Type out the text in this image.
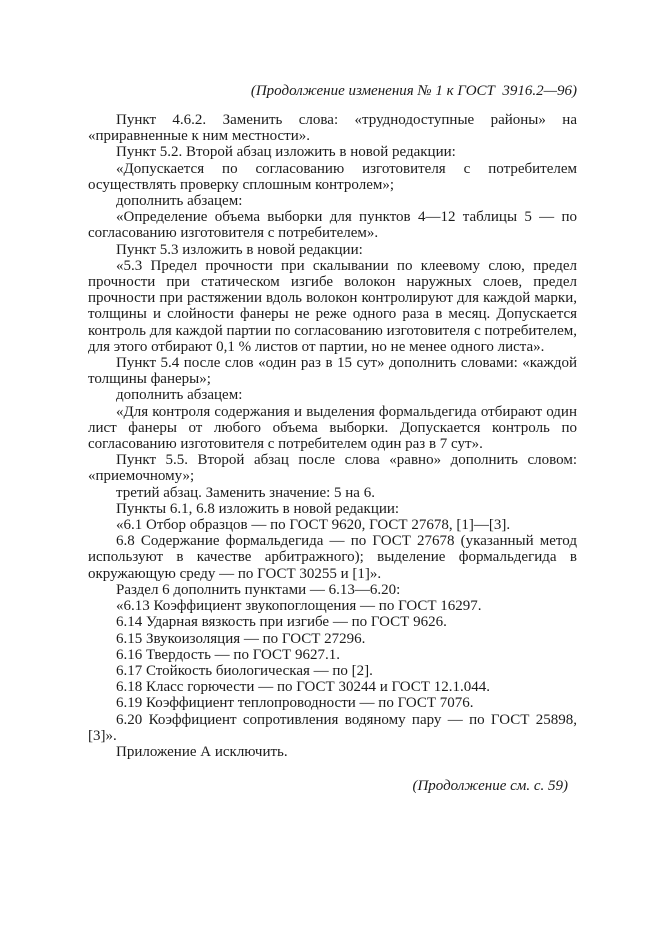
(Продолжение изменения № 1 к ГОСТ  3916.2—96)

Пункт 4.6.2. Заменить слова: «труднодоступные районы» на «приравненные к ним местности».

Пункт 5.2. Второй абзац изложить в новой редакции:

«Допускается по согласованию изготовителя с потребителем осуществлять проверку сплошным контролем»;

дополнить абзацем:

«Определение объема выборки для пунктов 4—12 таблицы 5 — по согласованию изготовителя с потребителем».

Пункт 5.3 изложить в новой редакции:

«5.3 Предел прочности при скалывании по клеевому слою, предел прочности при статическом изгибе волокон наружных слоев, предел прочности при растяжении вдоль волокон контролируют для каждой марки, толщины и слойности фанеры не реже одного раза в месяц. Допускается контроль для каждой партии по согласованию изготовителя с потребителем, для этого отбирают 0,1 % листов от партии, но не менее одного листа».

Пункт 5.4 после слов «один раз в 15 сут» дополнить словами: «каждой толщины фанеры»;

дополнить абзацем:

«Для контроля содержания и выделения формальдегида отбирают один лист фанеры от любого объема выборки. Допускается контроль по согласованию изготовителя с потребителем один раз в 7 сут».

Пункт 5.5. Второй абзац после слова «равно» дополнить словом: «приемочному»;

третий абзац. Заменить значение: 5 на 6.

Пункты 6.1, 6.8 изложить в новой редакции:

«6.1 Отбор образцов — по ГОСТ 9620, ГОСТ 27678, [1]—[3].

6.8 Содержание формальдегида — по ГОСТ 27678 (указанный метод используют в качестве арбитражного); выделение формальдегида в окружающую среду — по ГОСТ 30255 и [1]».

Раздел 6 дополнить пунктами — 6.13—6.20:

«6.13 Коэффициент звукопоглощения — по ГОСТ 16297.

6.14 Ударная вязкость при изгибе — по ГОСТ 9626.

6.15 Звукоизоляция — по ГОСТ 27296.

6.16 Твердость — по ГОСТ 9627.1.

6.17 Стойкость биологическая — по [2].

6.18 Класс горючести — по ГОСТ 30244 и ГОСТ 12.1.044.

6.19 Коэффициент теплопроводности — по ГОСТ 7076.

6.20 Коэффициент сопротивления водяному пару — по ГОСТ 25898, [3]».

Приложение А исключить.

(Продолжение см. с. 59)
